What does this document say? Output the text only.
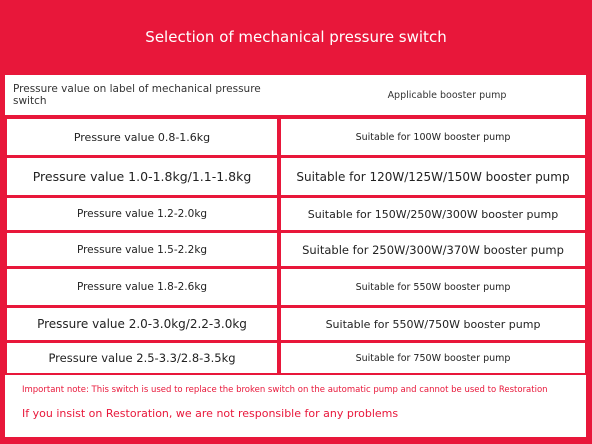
Selection of mechanical pressure switch
Pressure value on label of mechanical pressure switch	Applicable booster pump
Pressure value 0.8-1.6kg	Suitable for 100W booster pump
Pressure value 1.0-1.8kg/1.1-1.8kg	Suitable for 120W/125W/150W booster pump
Pressure value 1.2-2.0kg	Suitable for 150W/250W/300W booster pump
Pressure value 1.5-2.2kg	Suitable for 250W/300W/370W booster pump
Pressure value 1.8-2.6kg	Suitable for 550W booster pump
Pressure value 2.0-3.0kg/2.2-3.0kg	Suitable for 550W/750W booster pump
Pressure value 2.5-3.3/2.8-3.5kg	Suitable for 750W booster pump
Important note: This switch is used to replace the broken switch on the automatic pump and cannot be used to Restoration
If you insist on Restoration, we are not responsible for any problems
